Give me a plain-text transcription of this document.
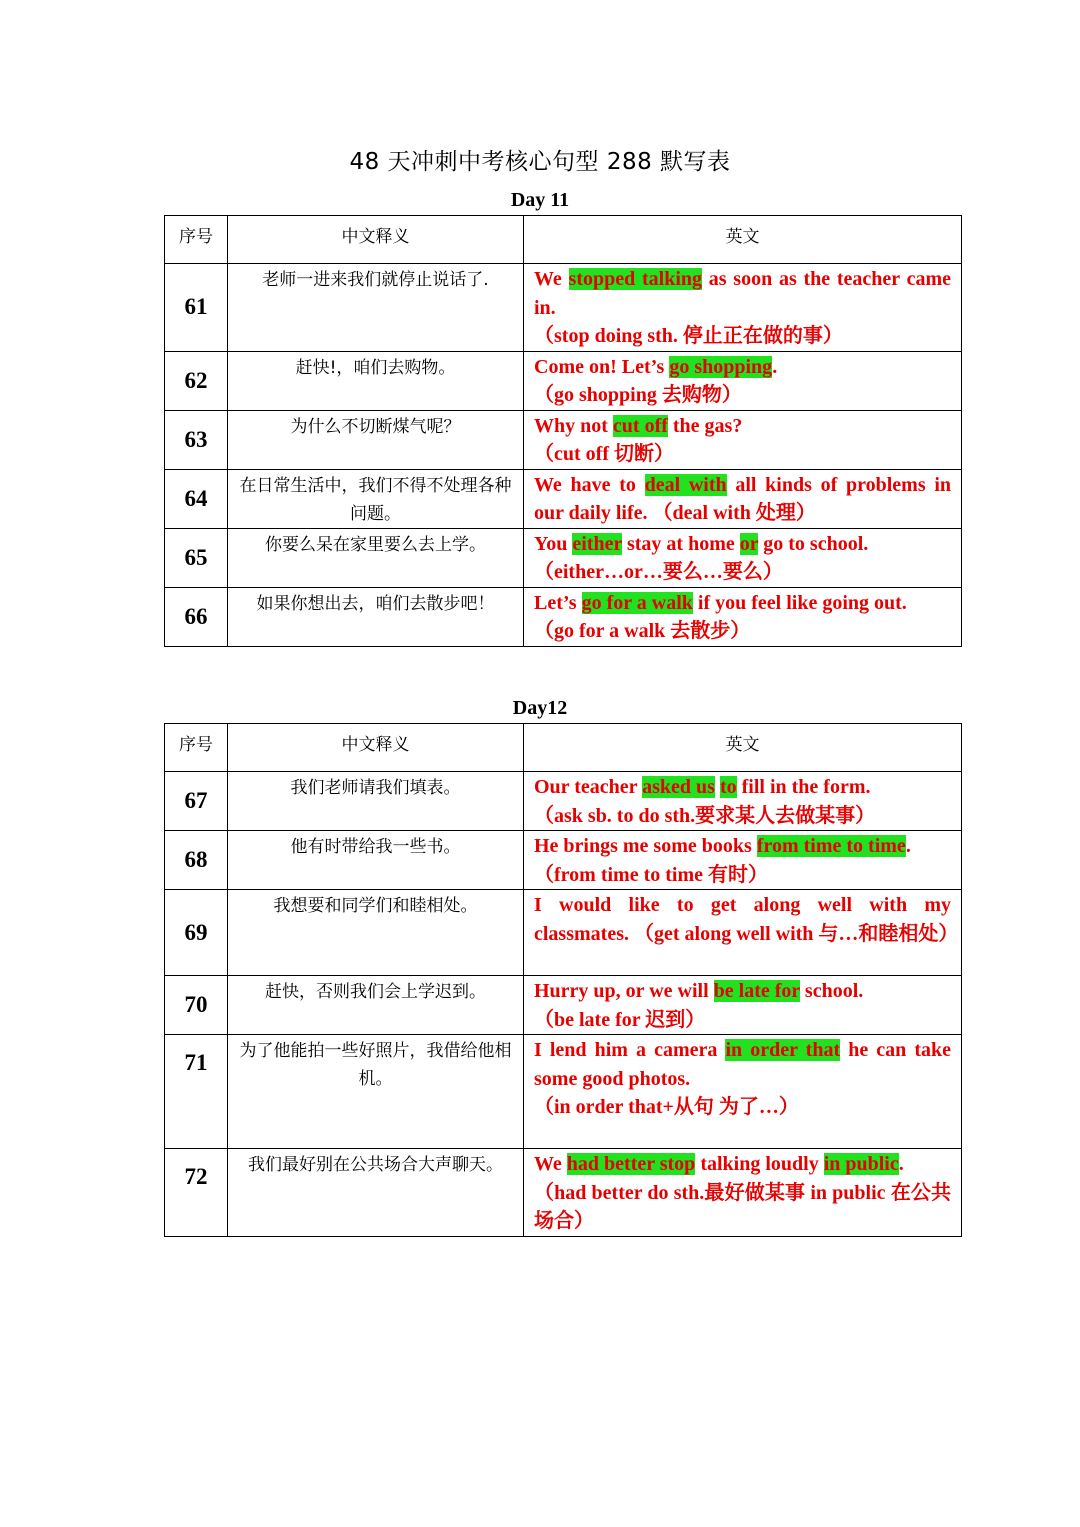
48 天冲刺中考核心句型 288 默写表
Day 11
序号	中文释义	英文
61	老师一进来我们就停止说话了.	We stopped talking as soon as the teacher came in.
（stop doing sth. 停止正在做的事）
62	赶快!，咱们去购物。	Come on! Let’s go shopping.
（go shopping 去购物）

63	为什么不切断煤气呢？	Why not cut off the gas?
（cut off 切断）

64	在日常生活中，我们不得不处理各种问题。	We have to deal with all kinds of problems in our daily life. （deal with 处理）
65	你要么呆在家里要么去上学。	You either stay at home or go to school.
（either…or…要么…要么）

66	如果你想出去，咱们去散步吧！	Let’s go for a walk if you feel like going out.
（go for a walk 去散步）
Day12
序号	中文释义	英文
67	我们老师请我们填表。	Our teacher asked us to fill in the form.
（ask sb. to do sth.要求某人去做某事）

68	他有时带给我一些书。	He brings me some books from time to time.
（from time to time 有时）

69	我想要和同学们和睦相处。	I would like to get along well with my classmates. （get along well with 与…和睦相处）

70	赶快，否则我们会上学迟到。	Hurry up, or we will be late for school.
（be late for 迟到）

71	为了他能拍一些好照片，我借给他相机。	I lend him a camera in order that he can take some good photos.
（in order that+从句 为了…）

72	我们最好别在公共场合大声聊天。	We had better stop talking loudly in public.
（had better do sth.最好做某事 in public 在公共场合）
